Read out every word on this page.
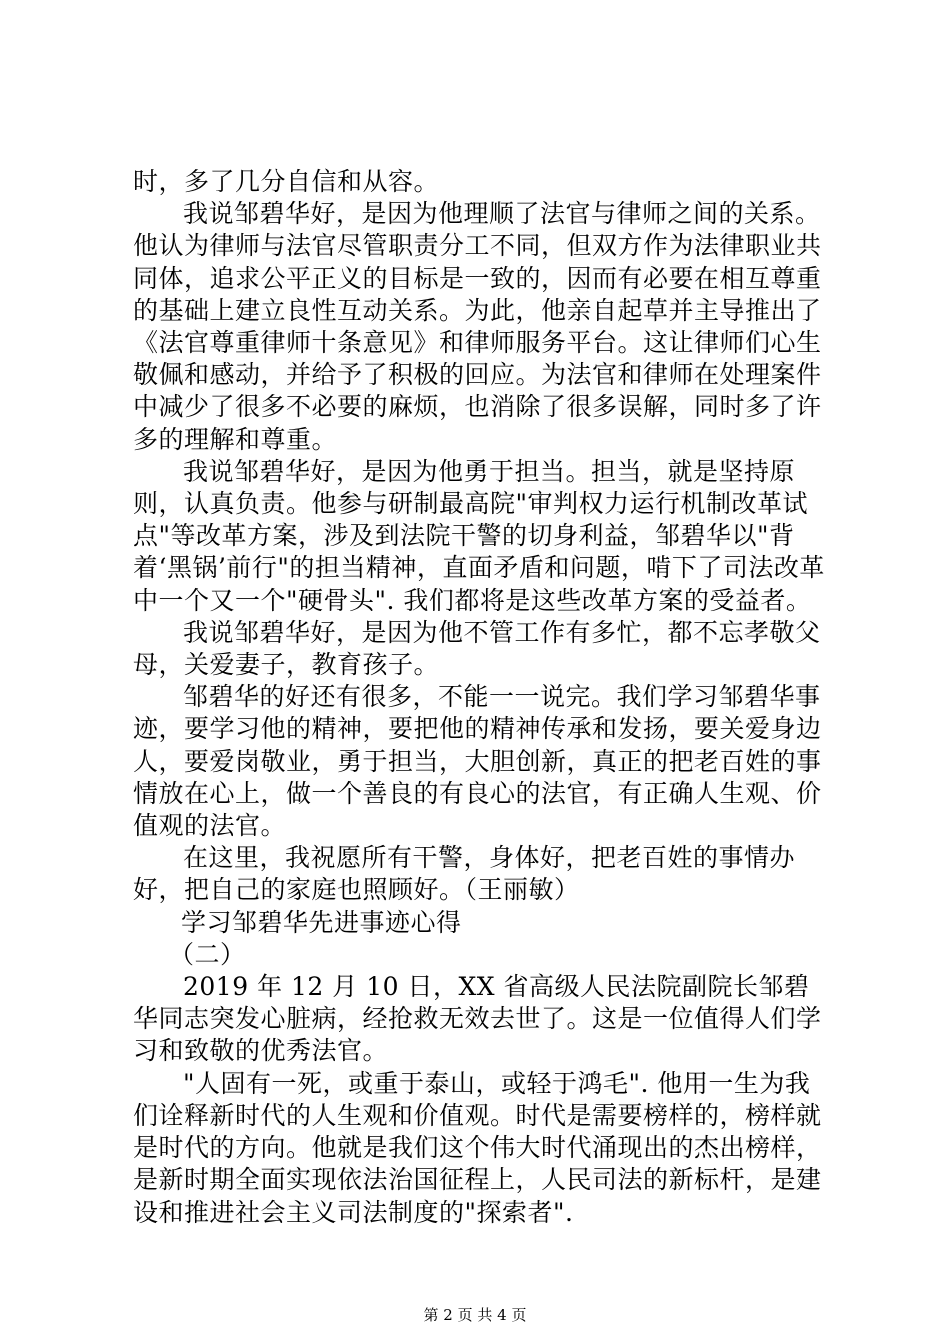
时，多了几分自信和从容。

我说邹碧华好，是因为他理顺了法官与律师之间的关系。他认为律师与法官尽管职责分工不同，但双方作为法律职业共同体，追求公平正义的目标是一致的，因而有必要在相互尊重的基础上建立良性互动关系。为此，他亲自起草并主导推出了《法官尊重律师十条意见》和律师服务平台。这让律师们心生敬佩和感动，并给予了积极的回应。为法官和律师在处理案件中减少了很多不必要的麻烦，也消除了很多误解，同时多了许多的理解和尊重。

我说邹碧华好，是因为他勇于担当。担当，就是坚持原则，认真负责。他参与研制最高院"审判权力运行机制改革试点"等改革方案，涉及到法院干警的切身利益，邹碧华以"背着‘黑锅’前行"的担当精神，直面矛盾和问题，啃下了司法改革中一个又一个"硬骨头". 我们都将是这些改革方案的受益者。

我说邹碧华好，是因为他不管工作有多忙，都不忘孝敬父母，关爱妻子，教育孩子。

邹碧华的好还有很多，不能一一说完。我们学习邹碧华事迹，要学习他的精神，要把他的精神传承和发扬，要关爱身边人，要爱岗敬业，勇于担当，大胆创新，真正的把老百姓的事情放在心上，做一个善良的有良心的法官，有正确人生观、价值观的法官。

在这里，我祝愿所有干警，身体好，把老百姓的事情办好，把自己的家庭也照顾好。（王丽敏）

学习邹碧华先进事迹心得

（二）

2019 年 12 月 10 日，XX 省高级人民法院副院长邹碧华同志突发心脏病，经抢救无效去世了。这是一位值得人们学习和致敬的优秀法官。

"人固有一死，或重于泰山，或轻于鸿毛". 他用一生为我们诠释新时代的人生观和价值观。时代是需要榜样的，榜样就是时代的方向。他就是我们这个伟大时代涌现出的杰出榜样，是新时期全面实现依法治国征程上，人民司法的新标杆，是建设和推进社会主义司法制度的"探索者".

第 2 页 共 4 页
